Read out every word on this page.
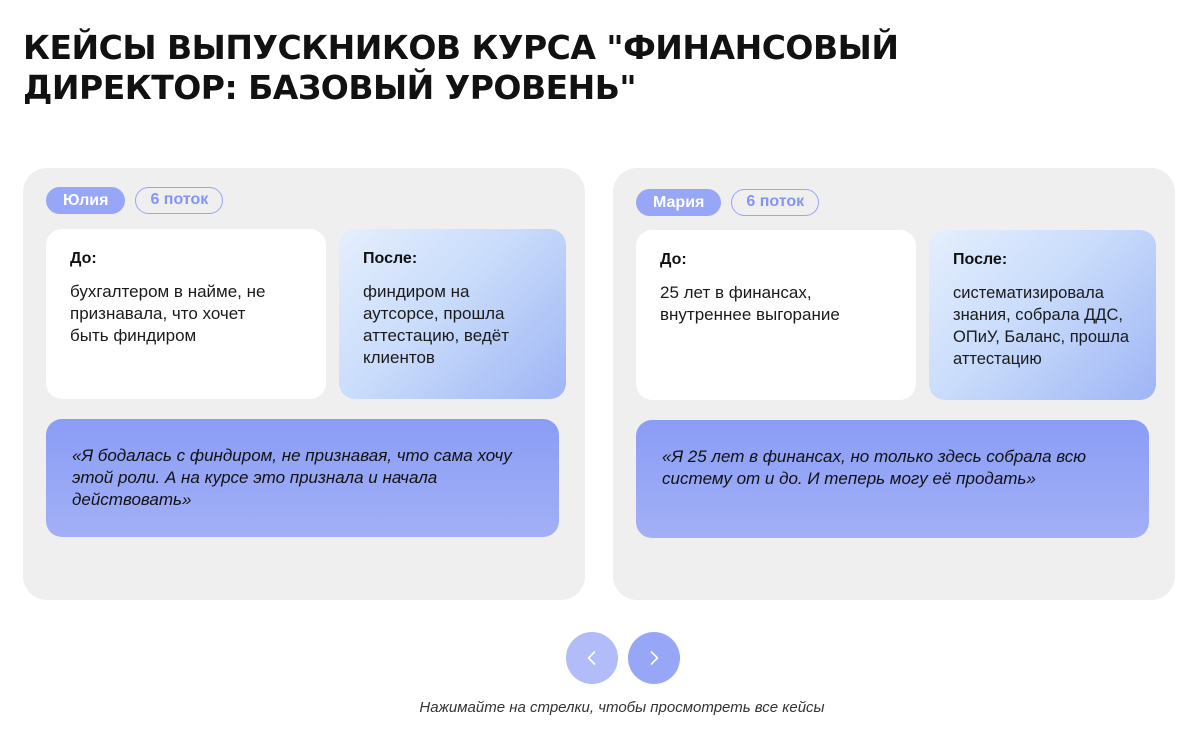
КЕЙСЫ ВЫПУСКНИКОВ КУРСА "ФИНАНСОВЫЙ ДИРЕКТОР: БАЗОВЫЙ УРОВЕНЬ"
Юлия	6 поток
До:
бухгалтером в найме, не признавала, что хочет быть финдиром
После:
финдиром на аутсорсе, прошла аттестацию, ведёт клиентов
«Я бодалась с финдиром, не признавая, что сама хочу этой роли. А на курсе это признала и начала действовать»
Мария	6 поток
До:
25 лет в финансах, внутреннее выгорание
После:
систематизировала знания, собрала ДДС, ОПиУ, Баланс, прошла аттестацию
«Я 25 лет в финансах, но только здесь собрала всю систему от и до. И теперь могу её продать»
Нажимайте на стрелки, чтобы просмотреть все кейсы
